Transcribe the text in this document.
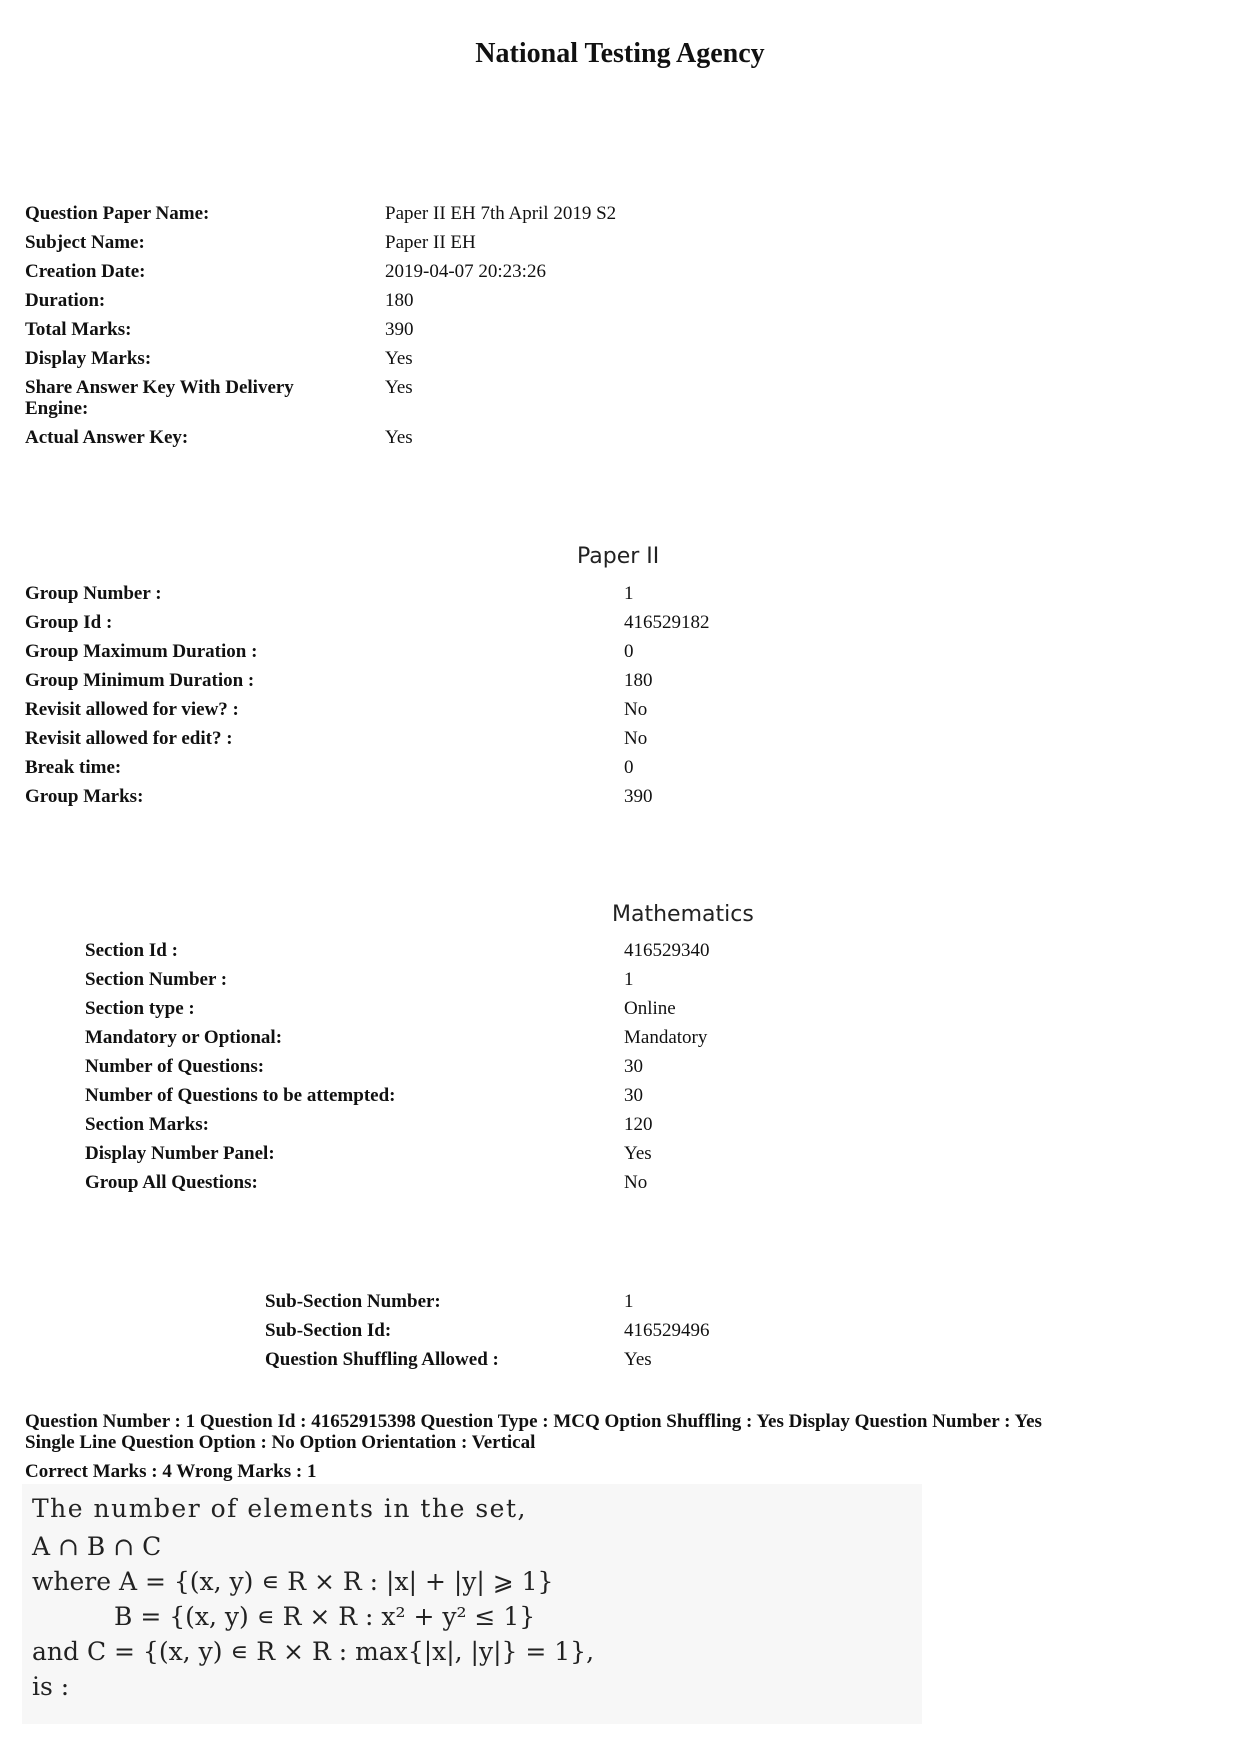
National Testing Agency
Question Paper Name:	Paper II EH 7th April 2019 S2
Subject Name:	Paper II EH
Creation Date:	2019-04-07 20:23:26
Duration:	180
Total Marks:	390
Display Marks:	Yes
Share Answer Key With Delivery
Engine:
Yes
Actual Answer Key:	Yes
Paper II
Group Number :	1
Group Id :	416529182
Group Maximum Duration :	0
Group Minimum Duration :	180
Revisit allowed for view? :	No
Revisit allowed for edit? :	No
Break time:	0
Group Marks:	390
Mathematics
Section Id :	416529340
Section Number :	1
Section type :	Online
Mandatory or Optional:	Mandatory
Number of Questions:	30
Number of Questions to be attempted:	30
Section Marks:	120
Display Number Panel:	Yes
Group All Questions:	No
Sub-Section Number:	1
Sub-Section Id:	416529496
Question Shuffling Allowed :	Yes
Question Number : 1 Question Id : 41652915398 Question Type : MCQ Option Shuffling : Yes Display Question Number : Yes
Single Line Question Option : No Option Orientation : Vertical
Correct Marks : 4 Wrong Marks : 1
The number of elements in the set,
A ∩ B ∩ C
where A = {(x, y) ∊ R × R : |x| + |y| ⩾ 1}
B = {(x, y) ∊ R × R : x² + y² ≤ 1}
and C = {(x, y) ∊ R × R : max{|x|, |y|} = 1},
is :
